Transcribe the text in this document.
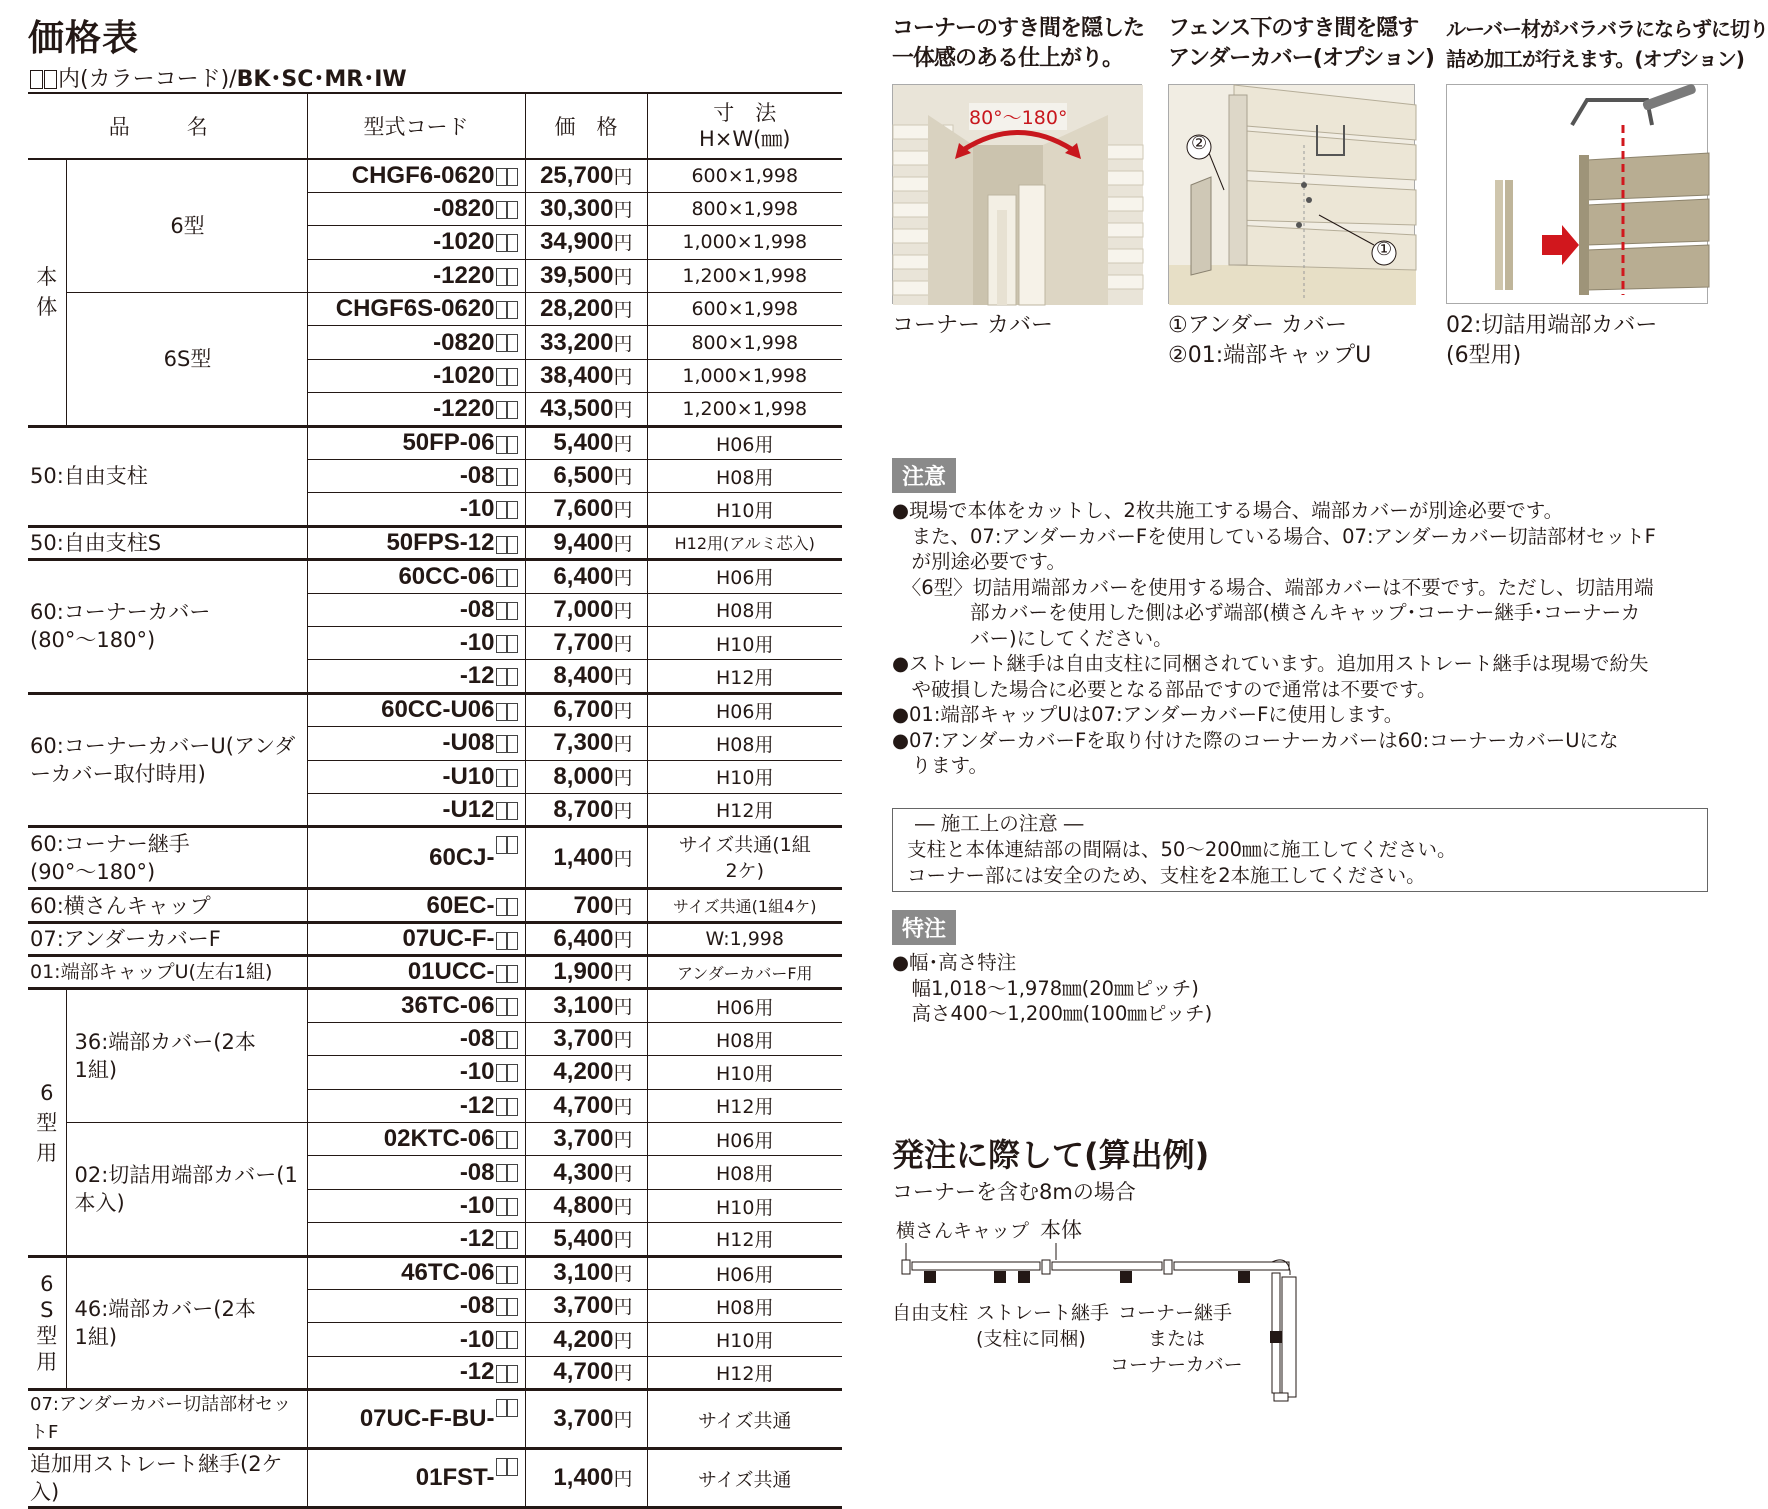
価格表
内(カラーコード)/BK･SC･MR･IW
品　名		型式コード	価　格	寸　法
H×W(㎜)

本体	6型	CHGF6-0620	25,700円	600×1,998
		-0820	30,300円	800×1,998
		-1020	34,900円	1,000×1,998
		-1220	39,500円	1,200×1,998
	6S型	CHGF6S-0620	28,200円	600×1,998
		-0820	33,200円	800×1,998
		-1020	38,400円	1,000×1,998
		-1220	43,500円	1,200×1,998
50:自由支柱		50FP-06	5,400円	H06用
		-08	6,500円	H08用
		-10	7,600円	H10用
50:自由支柱S		50FPS-12	9,400円	H12用(アルミ芯入)
60:コーナーカバー(80°〜180°)		60CC-06	6,400円	H06用
		-08	7,000円	H08用
		-10	7,700円	H10用
		-12	8,400円	H12用
60:コーナーカバーU(アンダーカバー取付時用)		60CC-U06	6,700円	H06用
		-U08	7,300円	H08用
		-U10	8,000円	H10用
		-U12	8,700円	H12用
60:コーナー継手(90°〜180°)		60CJ-	1,400円	サイズ共通(1組2ケ)
60:横さんキャップ		60EC-	700円	サイズ共通(1組4ケ)
07:アンダーカバーF		07UC-F-	6,400円	W:1,998
01:端部キャップU(左右1組)		01UCC-	1,900円	アンダーカバーF用
6型用	36:端部カバー(2本1組)	36TC-06	3,100円	H06用
		-08	3,700円	H08用
		-10	4,200円	H10用
		-12	4,700円	H12用
	02:切詰用端部カバー(1本入)	02KTC-06	3,700円	H06用
		-08	4,300円	H08用
		-10	4,800円	H10用
		-12	5,400円	H12用
6S型用	46:端部カバー(2本1組)	46TC-06	3,100円	H06用
		-08	3,700円	H08用
		-10	4,200円	H10用
		-12	4,700円	H12用
07:アンダーカバー切詰部材セットF		07UC-F-BU-	3,700円	サイズ共通
追加用ストレート継手(2ケ入)		01FST-	1,400円	サイズ共通
コーナーのすき間を隠した
一体感のある仕上がり。
80°〜180°
コーナー カバー
フェンス下のすき間を隠す
アンダーカバー(オプション)
②
①
①アンダー カバー
②01:端部キャップU
ルーバー材がバラバラにならずに切り
詰め加工が行えます。(オプション)
02:切詰用端部カバー
(6型用)
注意

●現場で本体をカットし、2枚共施工する場合、端部カバーが別途必要です。

　また、07:アンダーカバーFを使用している場合、07:アンダーカバー切詰部材セットF

　が別途必要です。

　〈6型〉切詰用端部カバーを使用する場合、端部カバーは不要です。ただし、切詰用端

　　　　部カバーを使用した側は必ず端部(横さんキャップ･コーナー継手･コーナーカ

　　　　バー)にしてください。

●ストレート継手は自由支柱に同梱されています。追加用ストレート継手は現場で紛失

　や破損した場合に必要となる部品ですので通常は不要です。

●01:端部キャップUは07:アンダーカバーFに使用します。

●07:アンダーカバーFを取り付けた際のコーナーカバーは60:コーナーカバーUにな

　ります。

― 施工上の注意 ―

支柱と本体連結部の間隔は、50〜200㎜に施工してください。

コーナー部には安全のため、支柱を2本施工してください。

特注

●幅･高さ特注

　幅1,018〜1,978㎜(20㎜ピッチ)

　高さ400〜1,200㎜(100㎜ピッチ)

発注に際して(算出例)
コーナーを含む8mの場合
横さんキャップ 本体
自由支柱 ストレート継手
(支柱に同梱)
コーナー継手
または
コーナーカバー
